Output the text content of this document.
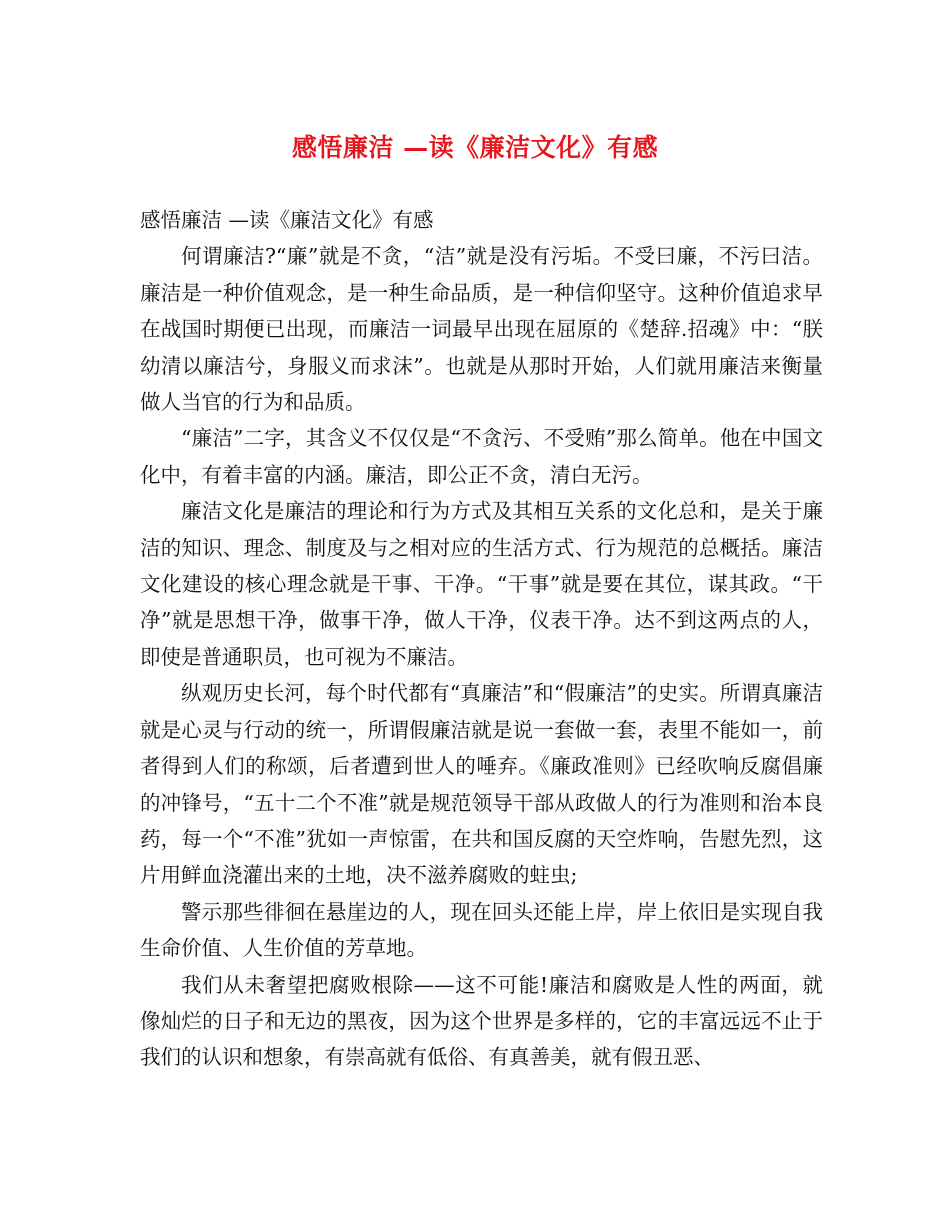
感悟廉洁 —读《廉洁文化》有感

感悟廉洁 —读《廉洁文化》有感

何谓廉洁?“廉”就是不贪，“洁”就是没有污垢。不受曰廉，不污曰洁。廉洁是一种价值观念，是一种生命品质，是一种信仰坚守。这种价值追求早在战国时期便已出现，而廉洁一词最早出现在屈原的《楚辞.招魂》中：“朕幼清以廉洁兮，身服义而求沫”。也就是从那时开始，人们就用廉洁来衡量做人当官的行为和品质。

“廉洁”二字，其含义不仅仅是“不贪污、不受贿”那么简单。他在中国文化中，有着丰富的内涵。廉洁，即公正不贪，清白无污。

廉洁文化是廉洁的理论和行为方式及其相互关系的文化总和，是关于廉洁的知识、理念、制度及与之相对应的生活方式、行为规范的总概括。廉洁文化建设的核心理念就是干事、干净。“干事”就是要在其位，谋其政。“干净”就是思想干净，做事干净，做人干净，仪表干净。达不到这两点的人，即使是普通职员，也可视为不廉洁。

纵观历史长河，每个时代都有“真廉洁”和“假廉洁”的史实。所谓真廉洁就是心灵与行动的统一，所谓假廉洁就是说一套做一套，表里不能如一，前者得到人们的称颂，后者遭到世人的唾弃。《廉政准则》已经吹响反腐倡廉的冲锋号，“五十二个不准”就是规范领导干部从政做人的行为准则和治本良药，每一个“不准”犹如一声惊雷，在共和国反腐的天空炸响，告慰先烈，这片用鲜血浇灌出来的土地，决不滋养腐败的蛀虫;

警示那些徘徊在悬崖边的人，现在回头还能上岸，岸上依旧是实现自我生命价值、人生价值的芳草地。

我们从未奢望把腐败根除——这不可能!廉洁和腐败是人性的两面，就像灿烂的日子和无边的黑夜，因为这个世界是多样的，它的丰富远远不止于我们的认识和想象，有崇高就有低俗、有真善美，就有假丑恶、
